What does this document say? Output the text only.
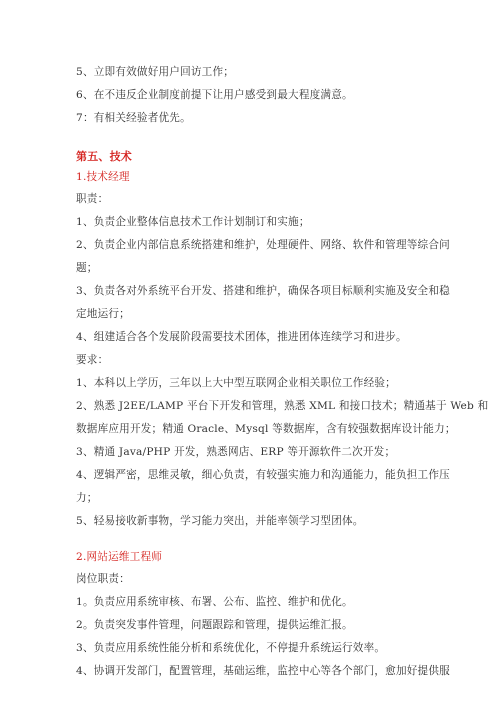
5、立即有效做好用户回访工作；
6、在不违反企业制度前提下让用户感受到最大程度满意。
7：有相关经验者优先。
第五、技术
1.技术经理
职责：
1、负责企业整体信息技术工作计划制订和实施；
2、负责企业内部信息系统搭建和维护，处理硬件、网络、软件和管理等综合问
题；
3、负责各对外系统平台开发、搭建和维护，确保各项目标顺利实施及安全和稳
定地运行；
4、组建适合各个发展阶段需要技术团体，推进团体连续学习和进步。
要求：
1、本科以上学历，三年以上大中型互联网企业相关职位工作经验；
2、熟悉 J2EE/LAMP 平台下开发和管理，熟悉 XML 和接口技术；精通基于 Web 和
数据库应用开发；精通 Oracle、Mysql 等数据库，含有较强数据库设计能力；
3、精通 Java/PHP 开发，熟悉网店、ERP 等开源软件二次开发；
4、逻辑严密，思维灵敏，细心负责，有较强实施力和沟通能力，能负担工作压
力；
5、轻易接收新事物，学习能力突出，并能率领学习型团体。
2.网站运维工程师
岗位职责：
1。负责应用系统审核、布署、公布、监控、维护和优化。
2。负责突发事件管理，问题跟踪和管理，提供运维汇报。
3、负责应用系统性能分析和系统优化，不停提升系统运行效率。
4、协调开发部门，配置管理，基础运维，监控中心等各个部门，愈加好提供服
